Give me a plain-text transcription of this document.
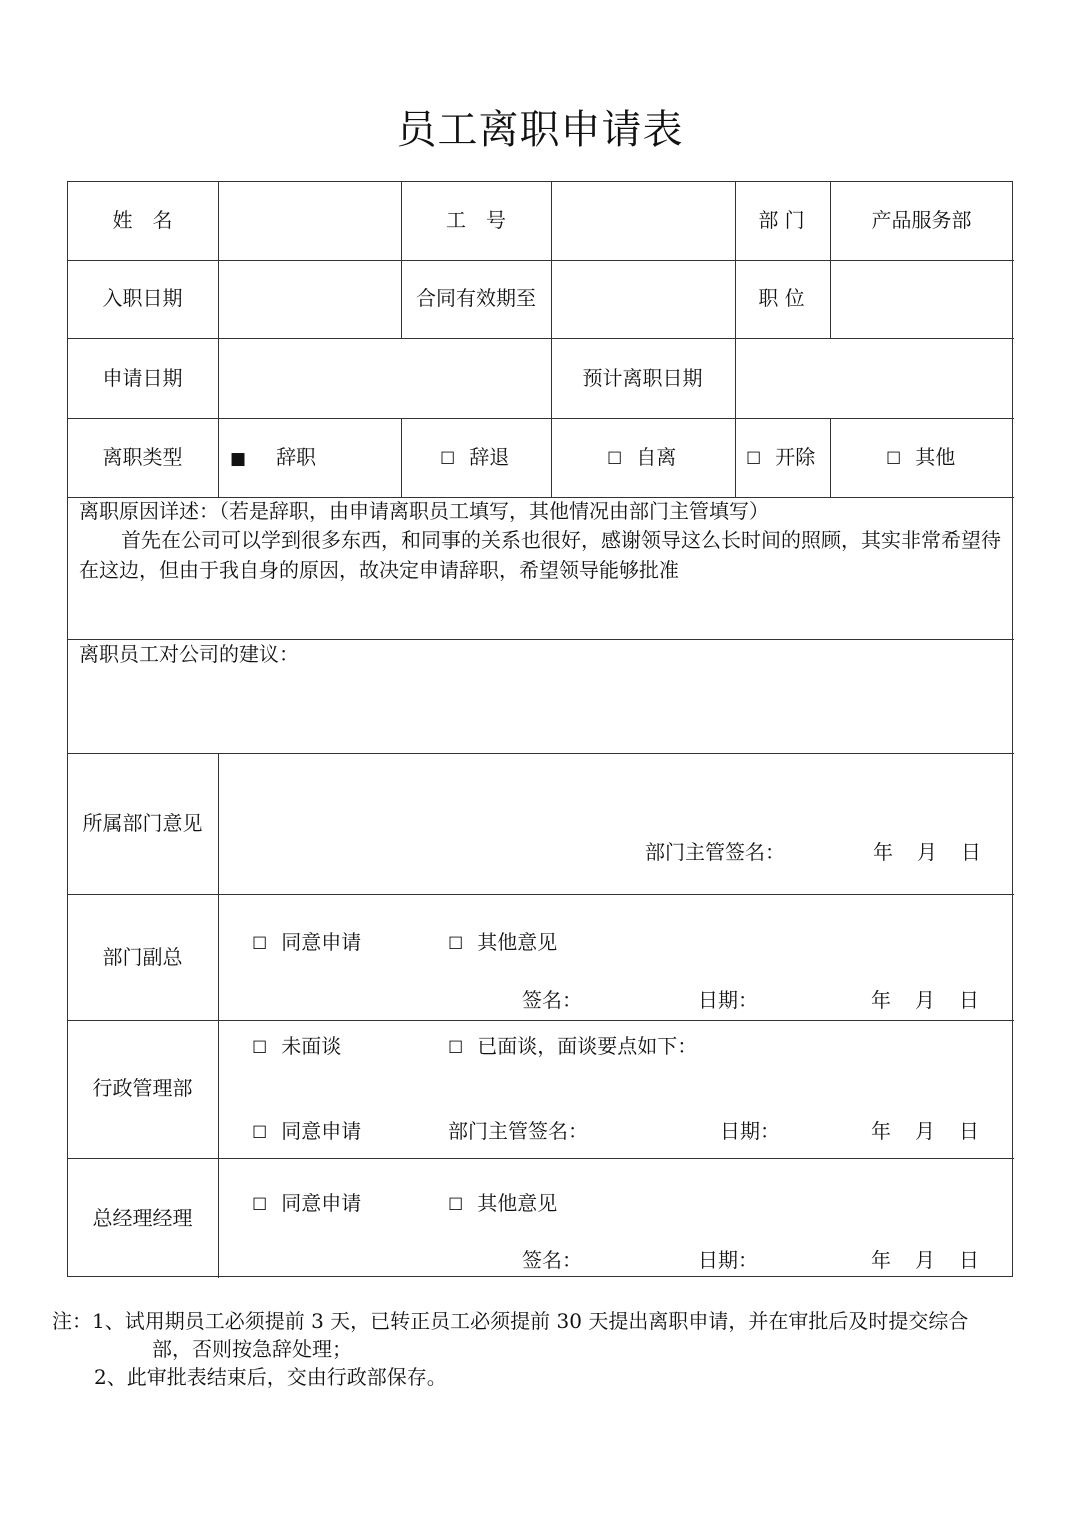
员工离职申请表
姓　名	工　号	部 门	产品服务部
入职日期	合同有效期至	职 位
申请日期	预计离职日期
离职类型	■ 辞职	☐ 辞退	☐ 自离	☐ 开除	☐ 其他
离职原因详述：（若是辞职，由申请离职员工填写，其他情况由部门主管填写）
首先在公司可以学到很多东西，和同事的关系也很好，感谢领导这么长时间的照顾，其实非常希望待在这边，但由于我自身的原因，故决定申请辞职，希望领导能够批准
离职员工对公司的建议：
所属部门意见
部门主管签名：	年 月 日
部门副总
☐ 同意申请	☐ 其他意见
签名：	日期：	年 月 日
行政管理部
☐ 未面谈	☐ 已面谈，面谈要点如下：
☐ 同意申请	部门主管签名：	日期：	年 月 日
总经理经理
☐ 同意申请	☐ 其他意见
签名：	日期：	年 月 日
注：1、试用期员工必须提前 3 天，已转正员工必须提前 30 天提出离职申请，并在审批后及时提交综合
部，否则按急辞处理；
2、此审批表结束后，交由行政部保存。
